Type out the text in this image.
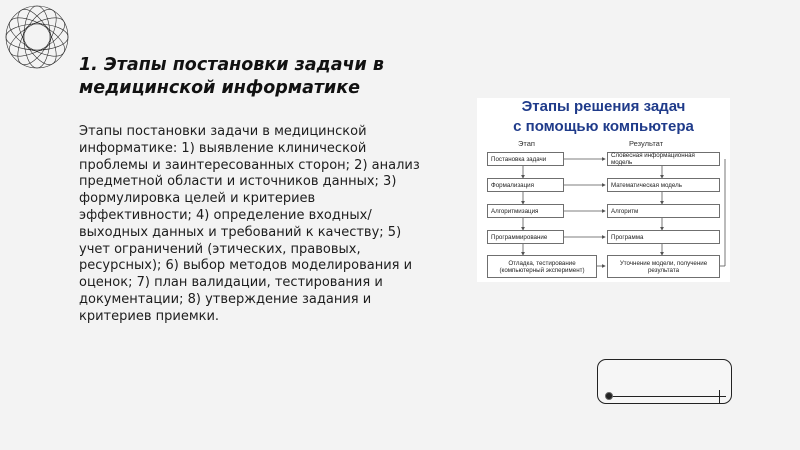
1. Этапы постановки задачи в медицинской информатике

Этапы постановки задачи в медицинской информатике: 1) выявление клинической проблемы и заинтересованных сторон; 2) анализ предметной области и источников данных; 3) формулировка целей и критериев эффективности; 4) определение входных/выходных данных и требований к качеству; 5) учет ограничений (этических, правовых, ресурсных); 6) выбор методов моделирования и оценок; 7) план валидации, тестирования и документации; 8) утверждение задания и критериев приемки.

Этапы решения задач
с помощью компьютера
Этап	Результат
Постановка задачи
Формализация
Алгоритмизация
Программирование
Отладка, тестирование (компьютерный эксперимент)
Словесная информационная модель
Математическая модель
Алгоритм
Программа
Уточнение модели, получение результата
